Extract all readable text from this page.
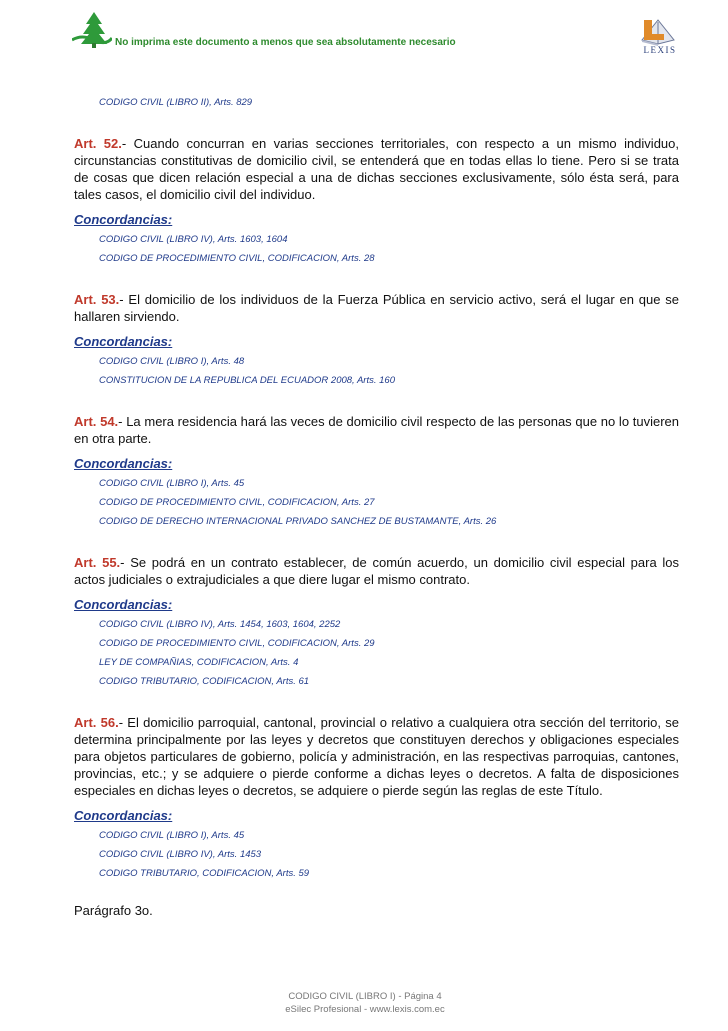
No imprima este documento a menos que sea absolutamente necesario
LEXIS
CODIGO CIVIL (LIBRO II), Arts. 829

Art. 52.- Cuando concurran en varias secciones territoriales, con respecto a un mismo individuo, circunstancias constitutivas de domicilio civil, se entenderá que en todas ellas lo tiene. Pero si se trata de cosas que dicen relación especial a una de dichas secciones exclusivamente, sólo ésta será, para tales casos, el domicilio civil del individuo.

Concordancias:
CODIGO CIVIL (LIBRO IV), Arts. 1603, 1604
CODIGO DE PROCEDIMIENTO CIVIL, CODIFICACION, Arts. 28

Art. 53.- El domicilio de los individuos de la Fuerza Pública en servicio activo, será el lugar en que se hallaren sirviendo.

Concordancias:
CODIGO CIVIL (LIBRO I), Arts. 48
CONSTITUCION DE LA REPUBLICA DEL ECUADOR 2008, Arts. 160

Art. 54.- La mera residencia hará las veces de domicilio civil respecto de las personas que no lo tuvieren en otra parte.

Concordancias:
CODIGO CIVIL (LIBRO I), Arts. 45
CODIGO DE PROCEDIMIENTO CIVIL, CODIFICACION, Arts. 27
CODIGO DE DERECHO INTERNACIONAL PRIVADO SANCHEZ DE BUSTAMANTE, Arts. 26

Art. 55.- Se podrá en un contrato establecer, de común acuerdo, un domicilio civil especial para los actos judiciales o extrajudiciales a que diere lugar el mismo contrato.

Concordancias:
CODIGO CIVIL (LIBRO IV), Arts. 1454, 1603, 1604, 2252
CODIGO DE PROCEDIMIENTO CIVIL, CODIFICACION, Arts. 29
LEY DE COMPAÑIAS, CODIFICACION, Arts. 4
CODIGO TRIBUTARIO, CODIFICACION, Arts. 61

Art. 56.- El domicilio parroquial, cantonal, provincial o relativo a cualquiera otra sección del territorio, se determina principalmente por las leyes y decretos que constituyen derechos y obligaciones especiales para objetos particulares de gobierno, policía y administración, en las respectivas parroquias, cantones, provincias, etc.; y se adquiere o pierde conforme a dichas leyes o decretos. A falta de disposiciones especiales en dichas leyes o decretos, se adquiere o pierde según las reglas de este Título.

Concordancias:
CODIGO CIVIL (LIBRO I), Arts. 45
CODIGO CIVIL (LIBRO IV), Arts. 1453
CODIGO TRIBUTARIO, CODIFICACION, Arts. 59
Parágrafo 3o.
CODIGO CIVIL (LIBRO I) - Página 4
eSilec Profesional - www.lexis.com.ec
